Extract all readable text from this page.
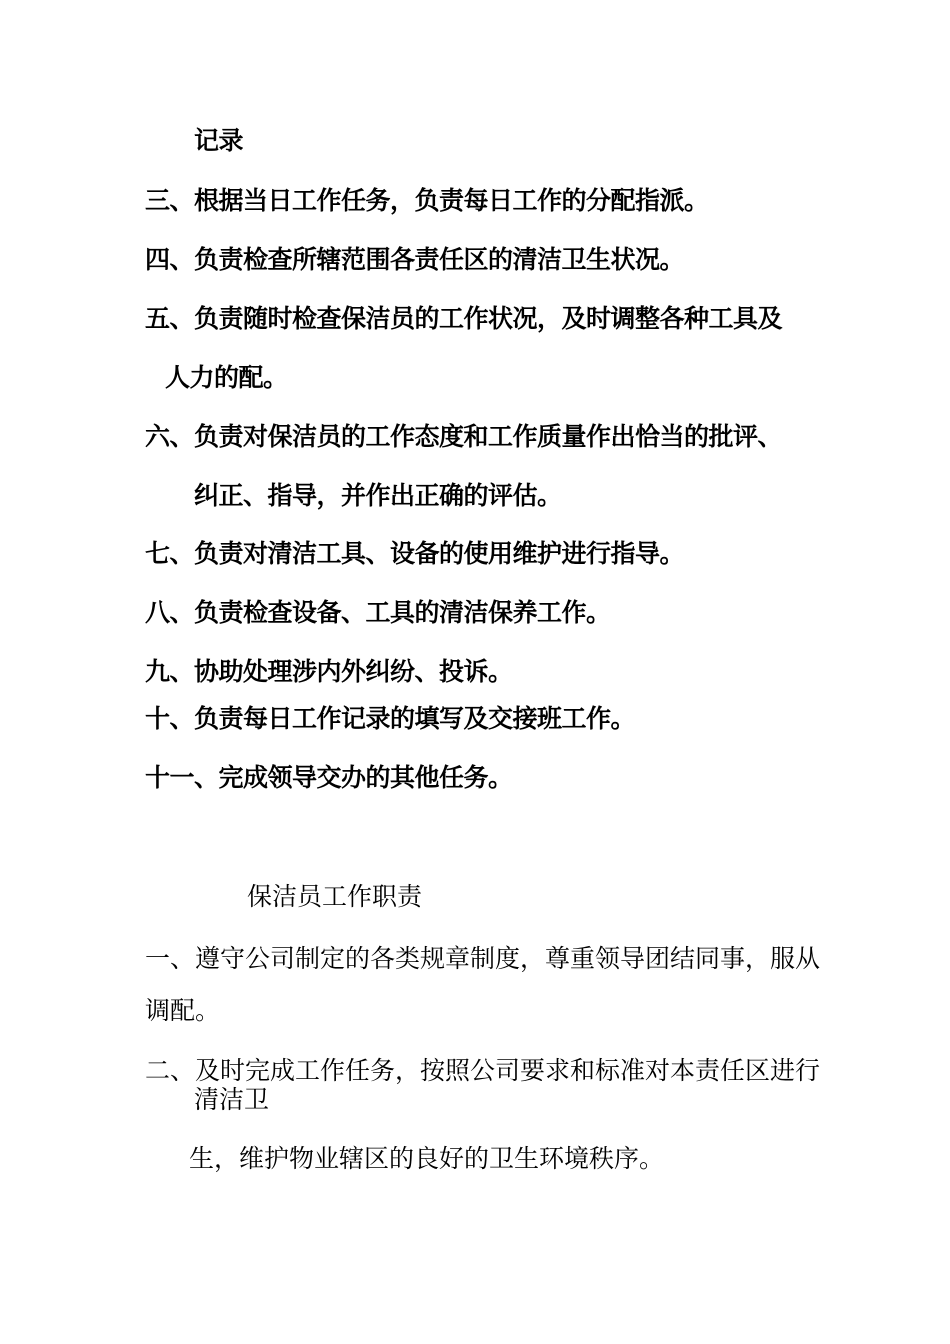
记录
三、根据当日工作任务，负责每日工作的分配指派。
四、负责检查所辖范围各责任区的清洁卫生状况。
五、负责随时检查保洁员的工作状况，及时调整各种工具及
人力的配。
六、负责对保洁员的工作态度和工作质量作出恰当的批评、
纠正、指导，并作出正确的评估。
七、负责对清洁工具、设备的使用维护进行指导。
八、负责检查设备、工具的清洁保养工作。
九、协助处理涉内外纠纷、投诉。
十、负责每日工作记录的填写及交接班工作。
十一、完成领导交办的其他任务。
保洁员工作职责
一、遵守公司制定的各类规章制度，尊重领导团结同事，服从
调配。
二、及时完成工作任务，按照公司要求和标准对本责任区进行
清洁卫
生，维护物业辖区的良好的卫生环境秩序。
